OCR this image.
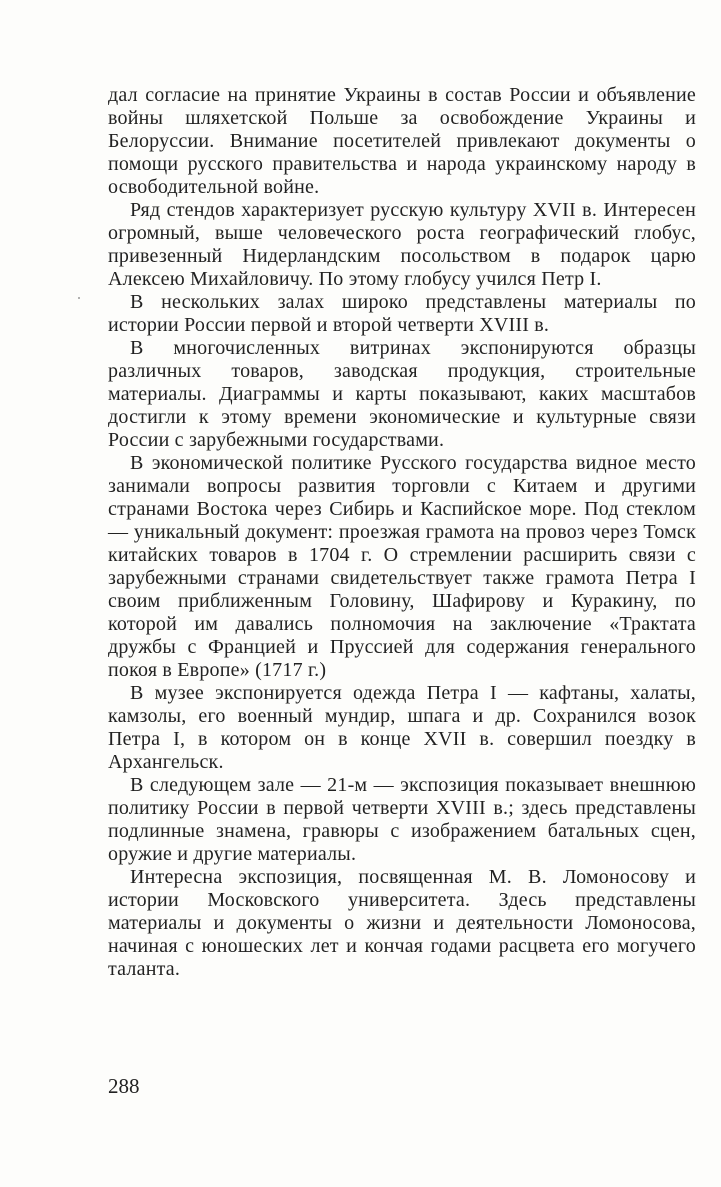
дал согласие на принятие Украины в состав России и объявление войны шляхетской Польше за освобождение Украины и Белоруссии. Внимание посетителей привлекают документы о помощи русского правительства и народа украинскому народу в освободительной войне.

Ряд стендов характеризует русскую культуру XVII в. Интересен огромный, выше человеческого роста географический глобус, привезенный Нидерландским посольством в подарок царю Алексею Михайловичу. По этому глобусу учился Петр I.

В нескольких залах широко представлены материалы по истории России первой и второй четверти XVIII в.

В многочисленных витринах экспонируются образцы различных товаров, заводская продукция, строительные материалы. Диаграммы и карты показывают, каких масштабов достигли к этому времени экономические и культурные связи России с зарубежными государствами.

В экономической политике Русского государства видное место занимали вопросы развития торговли с Китаем и другими странами Востока через Сибирь и Каспийское море. Под стеклом — уникальный документ: проезжая грамота на провоз через Томск китайских товаров в 1704 г. О стремлении расширить связи с зарубежными странами свидетельствует также грамота Петра I своим приближенным Головину, Шафирову и Куракину, по которой им давались полномочия на заключение «Трактата дружбы с Францией и Пруссией для содержания генерального покоя в Европе» (1717 г.)

В музее экспонируется одежда Петра I — кафтаны, халаты, камзолы, его военный мундир, шпага и др. Сохранился возок Петра I, в котором он в конце XVII в. совершил поездку в Архангельск.

В следующем зале — 21-м — экспозиция показывает внешнюю политику России в первой четверти XVIII в.; здесь представлены подлинные знамена, гравюры с изображением батальных сцен, оружие и другие материалы.

Интересна экспозиция, посвященная М. В. Ломоносову и истории Московского университета. Здесь представлены материалы и документы о жизни и деятельности Ломоносова, начиная с юношеских лет и кончая годами расцвета его могучего таланта.

288
